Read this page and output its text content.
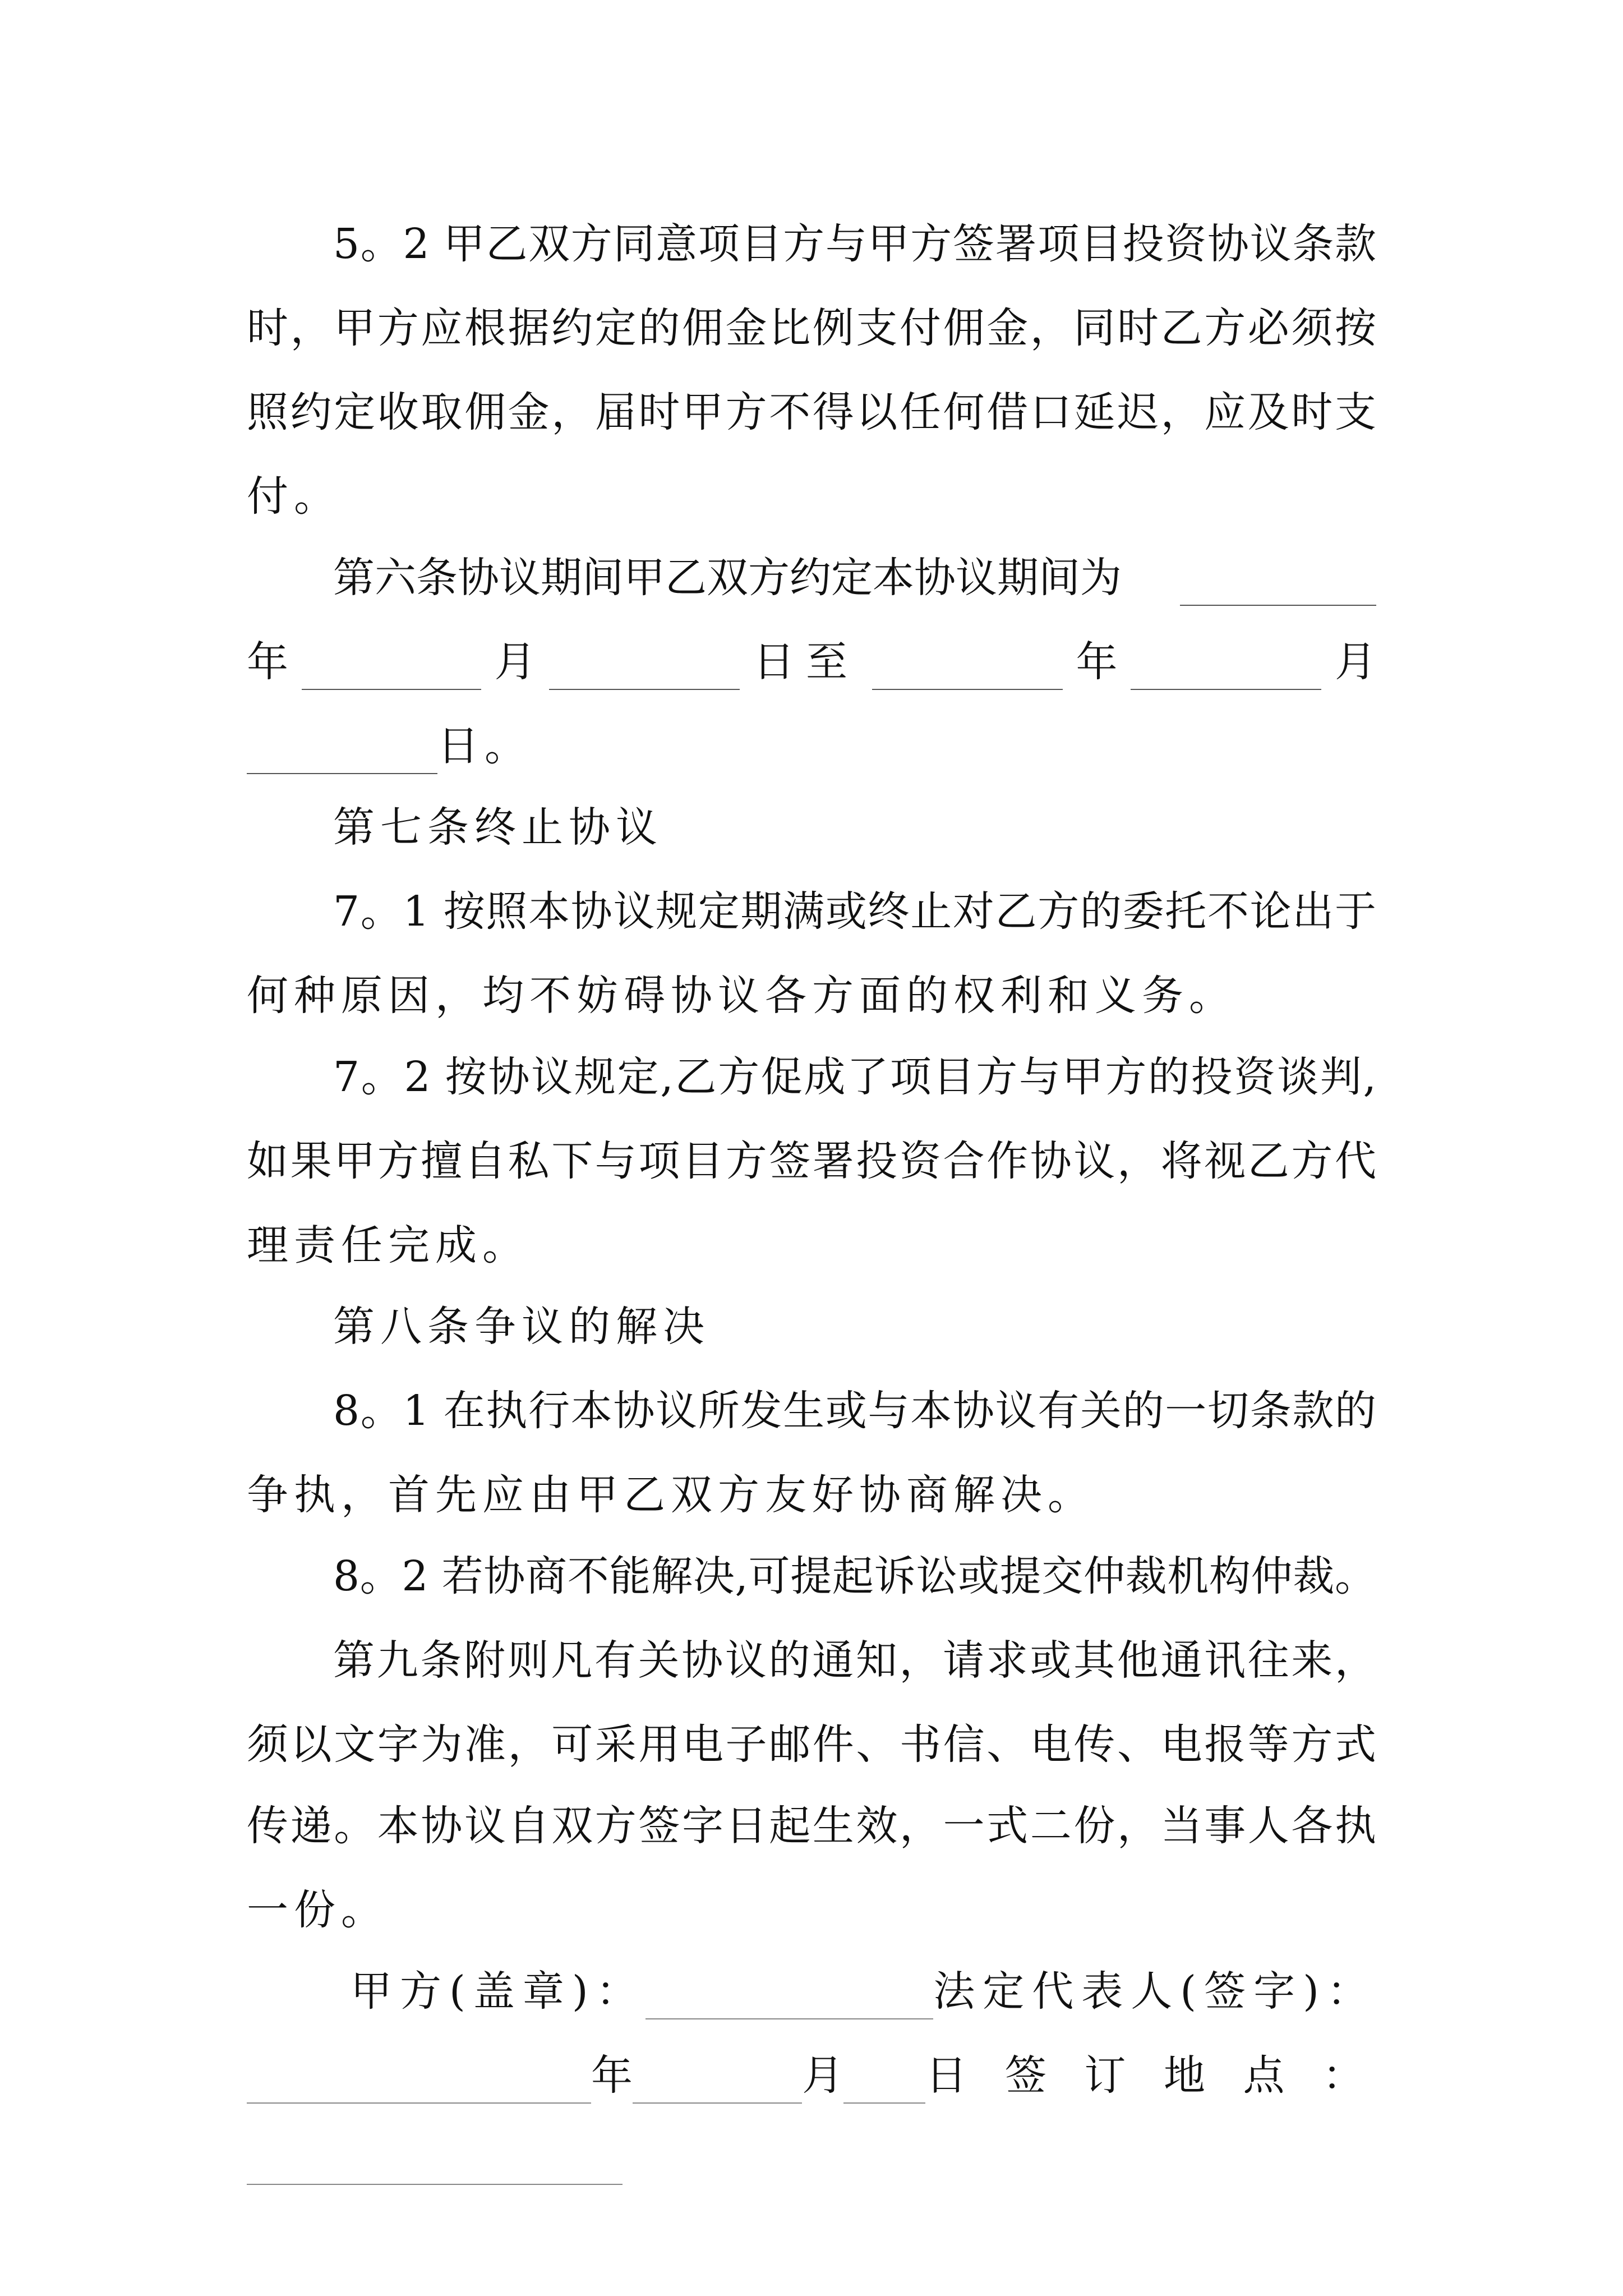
5。2 甲乙双方同意项目方与甲方签署项目投资协议条款
时，甲方应根据约定的佣金比例支付佣金，同时乙方必须按
照约定收取佣金，届时甲方不得以任何借口延迟，应及时支
付。
第六条协议期间甲乙双方约定本协议期间为
年	月	日至	年	月
日。
第七条终止协议
7。1 按照本协议规定期满或终止对乙方的委托不论出于
何种原因，均不妨碍协议各方面的权利和义务。
7。2 按协议规定,乙方促成了项目方与甲方的投资谈判,
如果甲方擅自私下与项目方签署投资合作协议，将视乙方代
理责任完成。
第八条争议的解决
8。1 在执行本协议所发生或与本协议有关的一切条款的
争执，首先应由甲乙双方友好协商解决。
8。2 若协商不能解决,可提起诉讼或提交仲裁机构仲裁。
第九条附则凡有关协议的通知，请求或其他通讯往来，
须以文字为准，可采用电子邮件、书信、电传、电报等方式
传递。本协议自双方签字日起生效，一式二份，当事人各执
一份。
甲方(盖章)：	法定代表人(签字)：
年	月 日 签 订 地 点 ：
